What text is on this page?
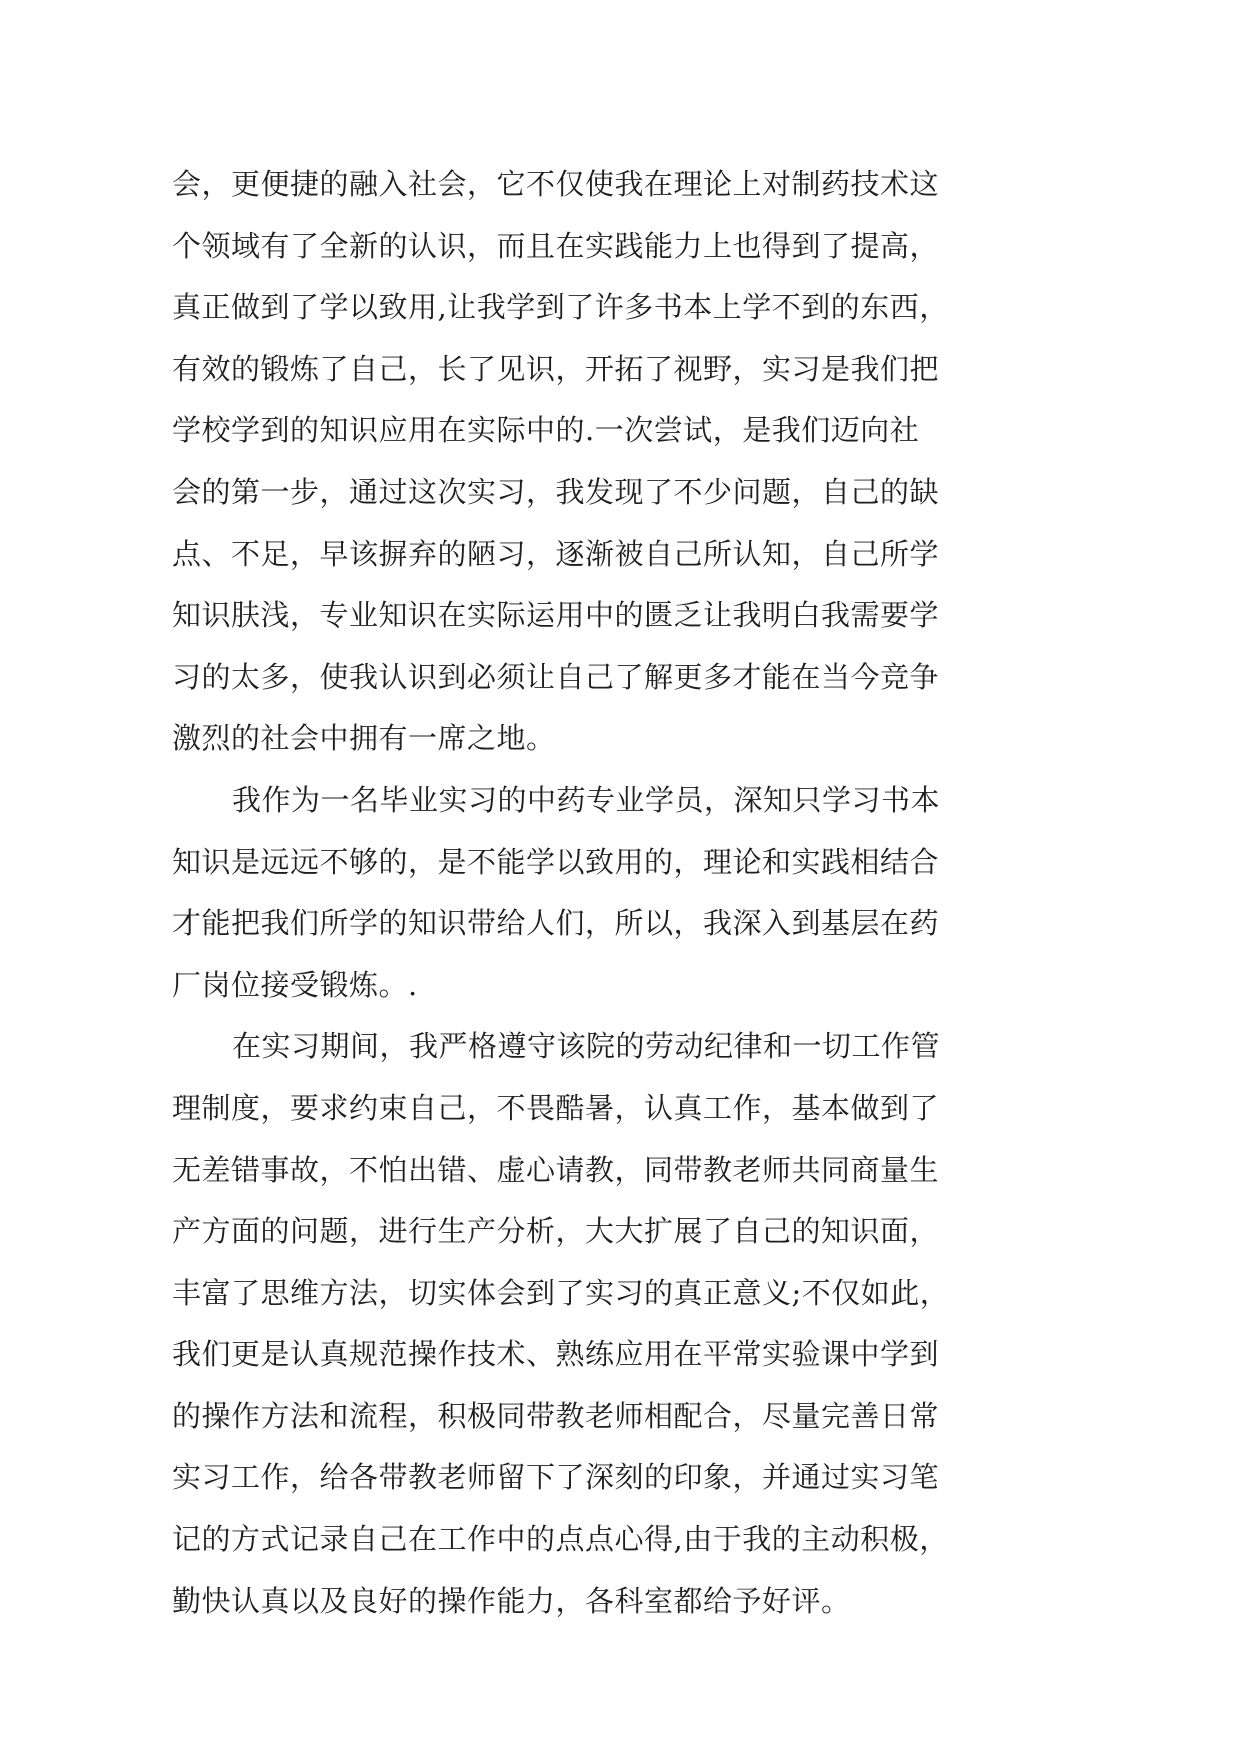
会，更便捷的融入社会，它不仅使我在理论上对制药技术这
个领域有了全新的认识，而且在实践能力上也得到了提高，
真正做到了学以致用,让我学到了许多书本上学不到的东西，
有效的锻炼了自己，长了见识，开拓了视野，实习是我们把
学校学到的知识应用在实际中的.一次尝试，是我们迈向社
会的第一步，通过这次实习，我发现了不少问题，自己的缺
点、不足，早该摒弃的陋习，逐渐被自己所认知，自己所学
知识肤浅，专业知识在实际运用中的匮乏让我明白我需要学
习的太多，使我认识到必须让自己了解更多才能在当今竞争
激烈的社会中拥有一席之地。
我作为一名毕业实习的中药专业学员，深知只学习书本
知识是远远不够的，是不能学以致用的，理论和实践相结合
才能把我们所学的知识带给人们，所以，我深入到基层在药
厂岗位接受锻炼。.
在实习期间，我严格遵守该院的劳动纪律和一切工作管
理制度，要求约束自己，不畏酷暑，认真工作，基本做到了
无差错事故，不怕出错、虚心请教，同带教老师共同商量生
产方面的问题，进行生产分析，大大扩展了自己的知识面，
丰富了思维方法，切实体会到了实习的真正意义;不仅如此，
我们更是认真规范操作技术、熟练应用在平常实验课中学到
的操作方法和流程，积极同带教老师相配合，尽量完善日常
实习工作，给各带教老师留下了深刻的印象，并通过实习笔
记的方式记录自己在工作中的点点心得,由于我的主动积极，
勤快认真以及良好的操作能力，各科室都给予好评。
